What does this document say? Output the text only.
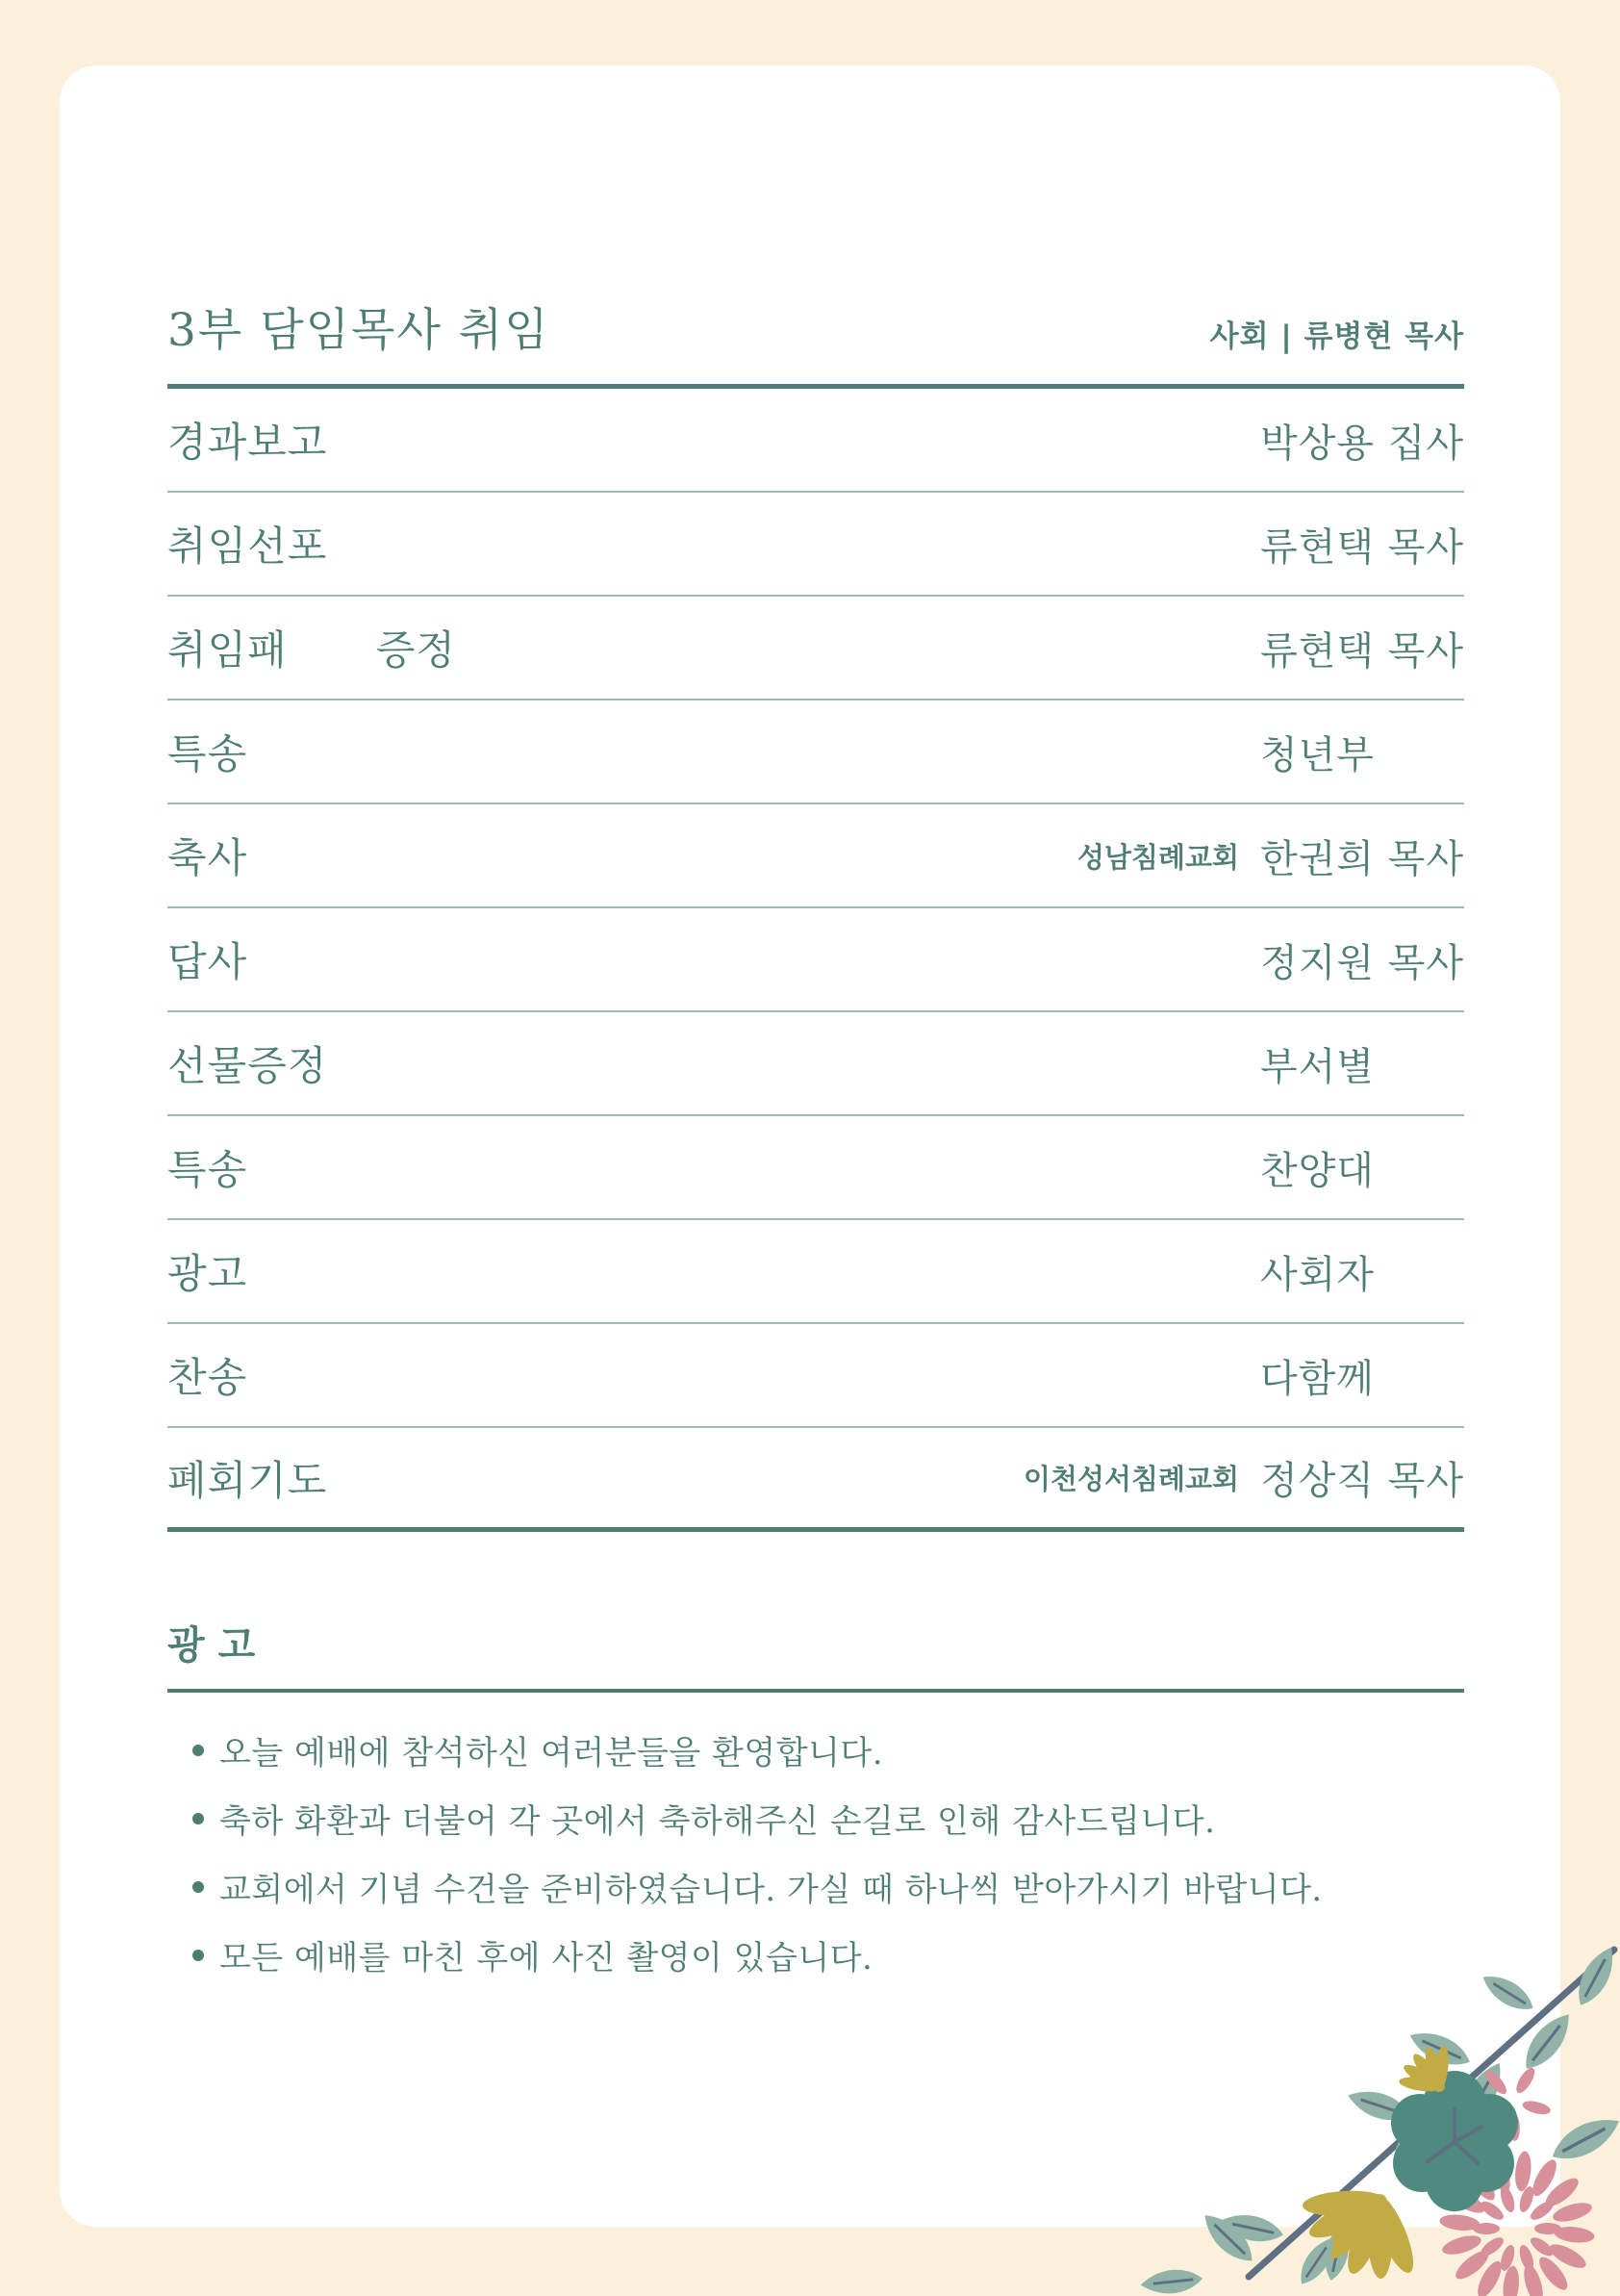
3부 담임목사 취임	사회 | 류병현 목사
경과보고	박상용 집사
취임선포	류현택 목사
취임패 증정	류현택 목사
특송	청년부
축사	성남침례교회 한권희 목사
답사	정지원 목사
선물증정	부서별
특송	찬양대
광고	사회자
찬송	다함께
폐회기도	이천성서침례교회 정상직 목사
광고
오늘 예배에 참석하신 여러분들을 환영합니다.
축하 화환과 더불어 각 곳에서 축하해주신 손길로 인해 감사드립니다.
교회에서 기념 수건을 준비하였습니다. 가실 때 하나씩 받아가시기 바랍니다.
모든 예배를 마친 후에 사진 촬영이 있습니다.
